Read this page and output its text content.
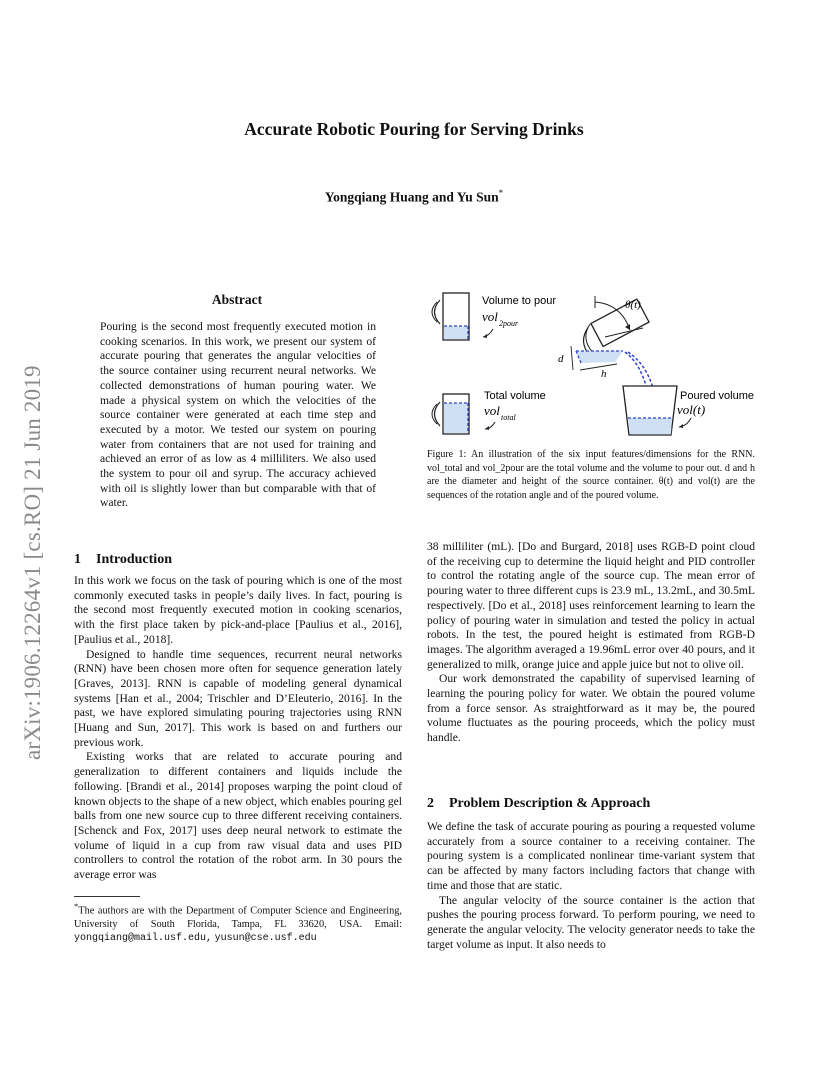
arXiv:1906.12264v1 [cs.RO] 21 Jun 2019
Accurate Robotic Pouring for Serving Drinks
Yongqiang Huang and Yu Sun*
Abstract

Pouring is the second most frequently executed motion in cooking scenarios. In this work, we present our system of accurate pouring that generates the angular velocities of the source container using recurrent neural networks. We collected demonstrations of human pouring water. We made a physical system on which the velocities of the source container were generated at each time step and executed by a motor. We tested our system on pouring water from containers that are not used for training and achieved an error of as low as 4 milliliters. We also used the system to pour oil and syrup. The accuracy achieved with oil is slightly lower than but comparable with that of water.

Volume to pour
vol 2pour
Total volume
vol total
θ(t)
d
h
Poured volume
vol(t)

Figure 1: An illustration of the six input features/dimensions for the RNN. vol_total and vol_2pour are the total volume and the volume to pour out. d and h are the diameter and height of the source container. θ(t) and vol(t) are the sequences of the rotation angle and of the poured volume.

1 Introduction

In this work we focus on the task of pouring which is one of the most commonly executed tasks in people’s daily lives. In fact, pouring is the second most frequently executed motion in cooking scenarios, with the first place taken by pick-and-place [Paulius et al., 2016], [Paulius et al., 2018].

Designed to handle time sequences, recurrent neural networks (RNN) have been chosen more often for sequence generation lately [Graves, 2013]. RNN is capable of modeling general dynamical systems [Han et al., 2004; Trischler and D’Eleuterio, 2016]. In the past, we have explored simulating pouring trajectories using RNN [Huang and Sun, 2017]. This work is based on and furthers our previous work.

Existing works that are related to accurate pouring and generalization to different containers and liquids include the following. [Brandi et al., 2014] proposes warping the point cloud of known objects to the shape of a new object, which enables pouring gel balls from one new source cup to three different receiving containers. [Schenck and Fox, 2017] uses deep neural network to estimate the volume of liquid in a cup from raw visual data and uses PID controllers to control the rotation of the robot arm. In 30 pours the average error was

*The authors are with the Department of Computer Science and Engineering, University of South Florida, Tampa, FL 33620, USA. Email: yongqiang@mail.usf.edu, yusun@cse.usf.edu

38 milliliter (mL). [Do and Burgard, 2018] uses RGB-D point cloud of the receiving cup to determine the liquid height and PID controller to control the rotating angle of the source cup. The mean error of pouring water to three different cups is 23.9 mL, 13.2mL, and 30.5mL respectively. [Do et al., 2018] uses reinforcement learning to learn the policy of pouring water in simulation and tested the policy in actual robots. In the test, the poured height is estimated from RGB-D images. The algorithm averaged a 19.96mL error over 40 pours, and it generalized to milk, orange juice and apple juice but not to olive oil.

Our work demonstrated the capability of supervised learning of learning the pouring policy for water. We obtain the poured volume from a force sensor. As straightforward as it may be, the poured volume fluctuates as the pouring proceeds, which the policy must handle.

2 Problem Description & Approach

We define the task of accurate pouring as pouring a requested volume accurately from a source container to a receiving container. The pouring system is a complicated nonlinear time-variant system that can be affected by many factors including factors that change with time and those that are static.

The angular velocity of the source container is the action that pushes the pouring process forward. To perform pouring, we need to generate the angular velocity. The velocity generator needs to take the target volume as input. It also needs to
